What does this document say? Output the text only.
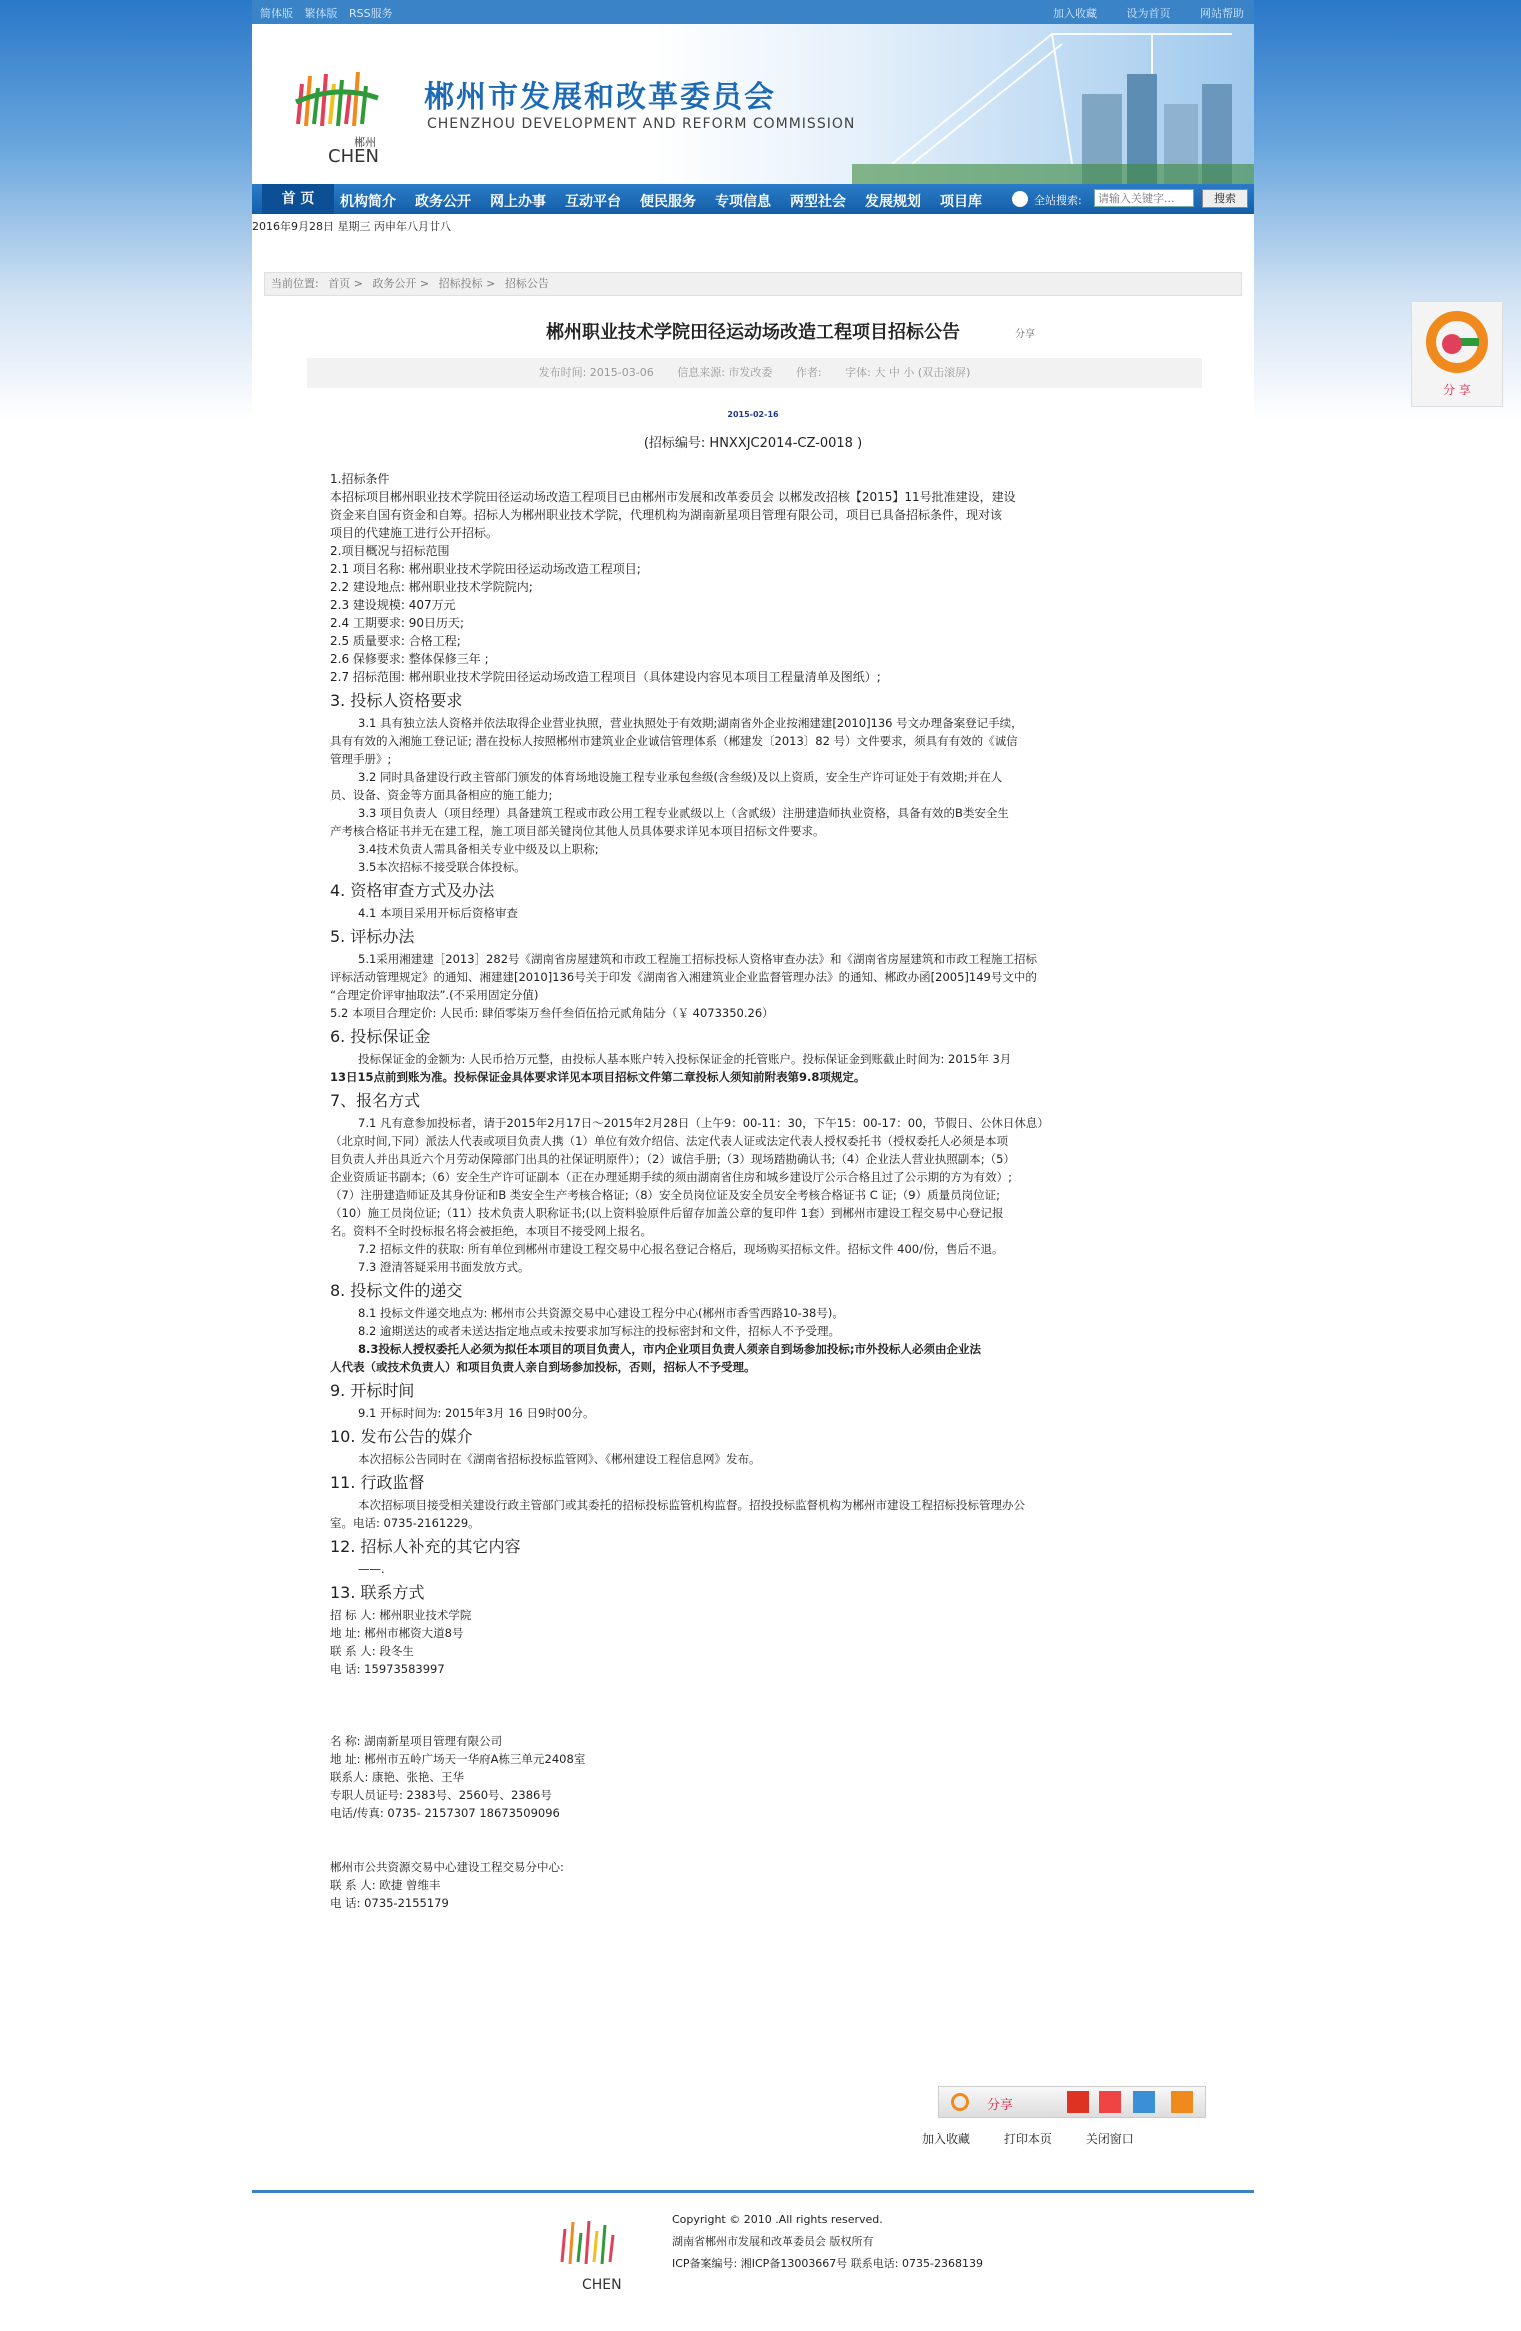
分 享
简体版 繁体版 RSS服务	加入收藏	设为首页	网站帮助
郴州
CHEN
郴州市发展和改革委员会
CHENZHOU DEVELOPMENT AND REFORM COMMISSION
首 页	机构简介 政务公开 网上办事 互动平台 便民服务 专项信息 两型社会 发展规划 项目库	全站搜索:
请输入关键字...	搜索
2016年9月28日 星期三 丙申年八月廿八
当前位置: 首页 > 政务公开 > 招标投标 > 招标公告
郴州职业技术学院田径运动场改造工程项目招标公告	分享
发布时间: 2015-03-06 信息来源: 市发改委 作者: 字体: 大 中 小 (双击滚屏)
2015-02-16
(招标编号: HNXXJC2014-CZ-0018 )

1.招标条件

本招标项目郴州职业技术学院田径运动场改造工程项目已由郴州市发展和改革委员会 以郴发改招核【2015】11号批准建设，建设

资金来自国有资金和自筹。招标人为郴州职业技术学院，代理机构为湖南新星项目管理有限公司，项目已具备招标条件，现对该

项目的代建施工进行公开招标。

2.项目概况与招标范围

2.1 项目名称: 郴州职业技术学院田径运动场改造工程项目;

2.2 建设地点: 郴州职业技术学院院内;

2.3 建设规模: 407万元

2.4 工期要求: 90日历天;

2.5 质量要求: 合格工程;

2.6 保修要求: 整体保修三年 ;

2.7 招标范围: 郴州职业技术学院田径运动场改造工程项目（具体建设内容见本项目工程量清单及图纸）;

3. 投标人资格要求

3.1 具有独立法人资格并依法取得企业营业执照，营业执照处于有效期;湖南省外企业按湘建建[2010]136 号文办理备案登记手续，

具有有效的入湘施工登记证; 潜在投标人按照郴州市建筑业企业诚信管理体系（郴建发〔2013〕82 号）文件要求，须具有有效的《诚信

管理手册》;

3.2 同时具备建设行政主管部门颁发的体育场地设施工程专业承包叁级(含叁级)及以上资质，安全生产许可证处于有效期;并在人

员、设备、资金等方面具备相应的施工能力;

3.3 项目负责人（项目经理）具备建筑工程或市政公用工程专业贰级以上（含贰级）注册建造师执业资格，具备有效的B类安全生

产考核合格证书并无在建工程，施工项目部关键岗位其他人员具体要求详见本项目招标文件要求。

3.4技术负责人需具备相关专业中级及以上职称;

3.5本次招标不接受联合体投标。

4. 资格审查方式及办法

4.1 本项目采用开标后资格审查

5. 评标办法

5.1采用湘建建［2013］282号《湖南省房屋建筑和市政工程施工招标投标人资格审查办法》和《湖南省房屋建筑和市政工程施工招标

评标活动管理规定》的通知、湘建建[2010]136号关于印发《湖南省入湘建筑业企业监督管理办法》的通知、郴政办函[2005]149号文中的

“合理定价评审抽取法”.(不采用固定分值)

5.2 本项目合理定价: 人民币: 肆佰零柒万叁仟叁佰伍拾元贰角陆分（￥ 4073350.26）

6. 投标保证金

投标保证金的金额为: 人民币拾万元整，由投标人基本账户转入投标保证金的托管账户。投标保证金到账截止时间为: 2015年 3月

13日15点前到账为准。投标保证金具体要求详见本项目招标文件第二章投标人须知前附表第9.8项规定。

7、报名方式

7.1 凡有意参加投标者，请于2015年2月17日～2015年2月28日（上午9：00-11：30，下午15：00-17：00，节假日、公休日休息）

（北京时间,下同）派法人代表或项目负责人携（1）单位有效介绍信、法定代表人证或法定代表人授权委托书（授权委托人必须是本项

目负责人并出具近六个月劳动保障部门出具的社保证明原件）；（2）诚信手册;（3）现场踏勘确认书;（4）企业法人营业执照副本;（5）

企业资质证书副本;（6）安全生产许可证副本（正在办理延期手续的须由湖南省住房和城乡建设厅公示合格且过了公示期的方为有效）;

（7）注册建造师证及其身份证和B 类安全生产考核合格证;（8）安全员岗位证及安全员安全考核合格证书 C 证;（9）质量员岗位证;

（10）施工员岗位证;（11）技术负责人职称证书;(以上资料验原件后留存加盖公章的复印件 1套）到郴州市建设工程交易中心登记报

名。资料不全时投标报名将会被拒绝，本项目不接受网上报名。

7.2 招标文件的获取: 所有单位到郴州市建设工程交易中心报名登记合格后，现场购买招标文件。招标文件 400/份，售后不退。

7.3 澄清答疑采用书面发放方式。

8. 投标文件的递交

8.1 投标文件递交地点为: 郴州市公共资源交易中心建设工程分中心(郴州市香雪西路10-38号)。

8.2 逾期送达的或者未送达指定地点或未按要求加写标注的投标密封和文件，招标人不予受理。

8.3投标人授权委托人必须为拟任本项目的项目负责人，市内企业项目负责人须亲自到场参加投标;市外投标人必须由企业法

人代表（或技术负责人）和项目负责人亲自到场参加投标，否则，招标人不予受理。

9. 开标时间

9.1 开标时间为: 2015年3月 16 日9时00分。

10. 发布公告的媒介

本次招标公告同时在《湖南省招标投标监管网》、《郴州建设工程信息网》发布。

11. 行政监督

本次招标项目接受相关建设行政主管部门或其委托的招标投标监管机构监督。招投投标监督机构为郴州市建设工程招标投标管理办公

室。电话: 0735-2161229。

12. 招标人补充的其它内容

——.

13. 联系方式

招 标 人: 郴州职业技术学院

地 址: 郴州市郴资大道8号

联 系 人: 段冬生

电 话: 15973583997

名 称: 湖南新星项目管理有限公司

地 址: 郴州市五岭广场天一华府A栋三单元2408室

联系人: 康艳、张艳、王华

专职人员证号: 2383号、2560号、2386号

电话/传真: 0735- 2157307 18673509096

郴州市公共资源交易中心建设工程交易分中心:

联 系 人: 欧捷 曾维丰

电 话: 0735-2155179

分享
加入收藏	打印本页	关闭窗口
CHEN
Copyright © 2010 .All rights reserved.
湖南省郴州市发展和改革委员会 版权所有
ICP备案编号: 湘ICP备13003667号 联系电话: 0735-2368139
